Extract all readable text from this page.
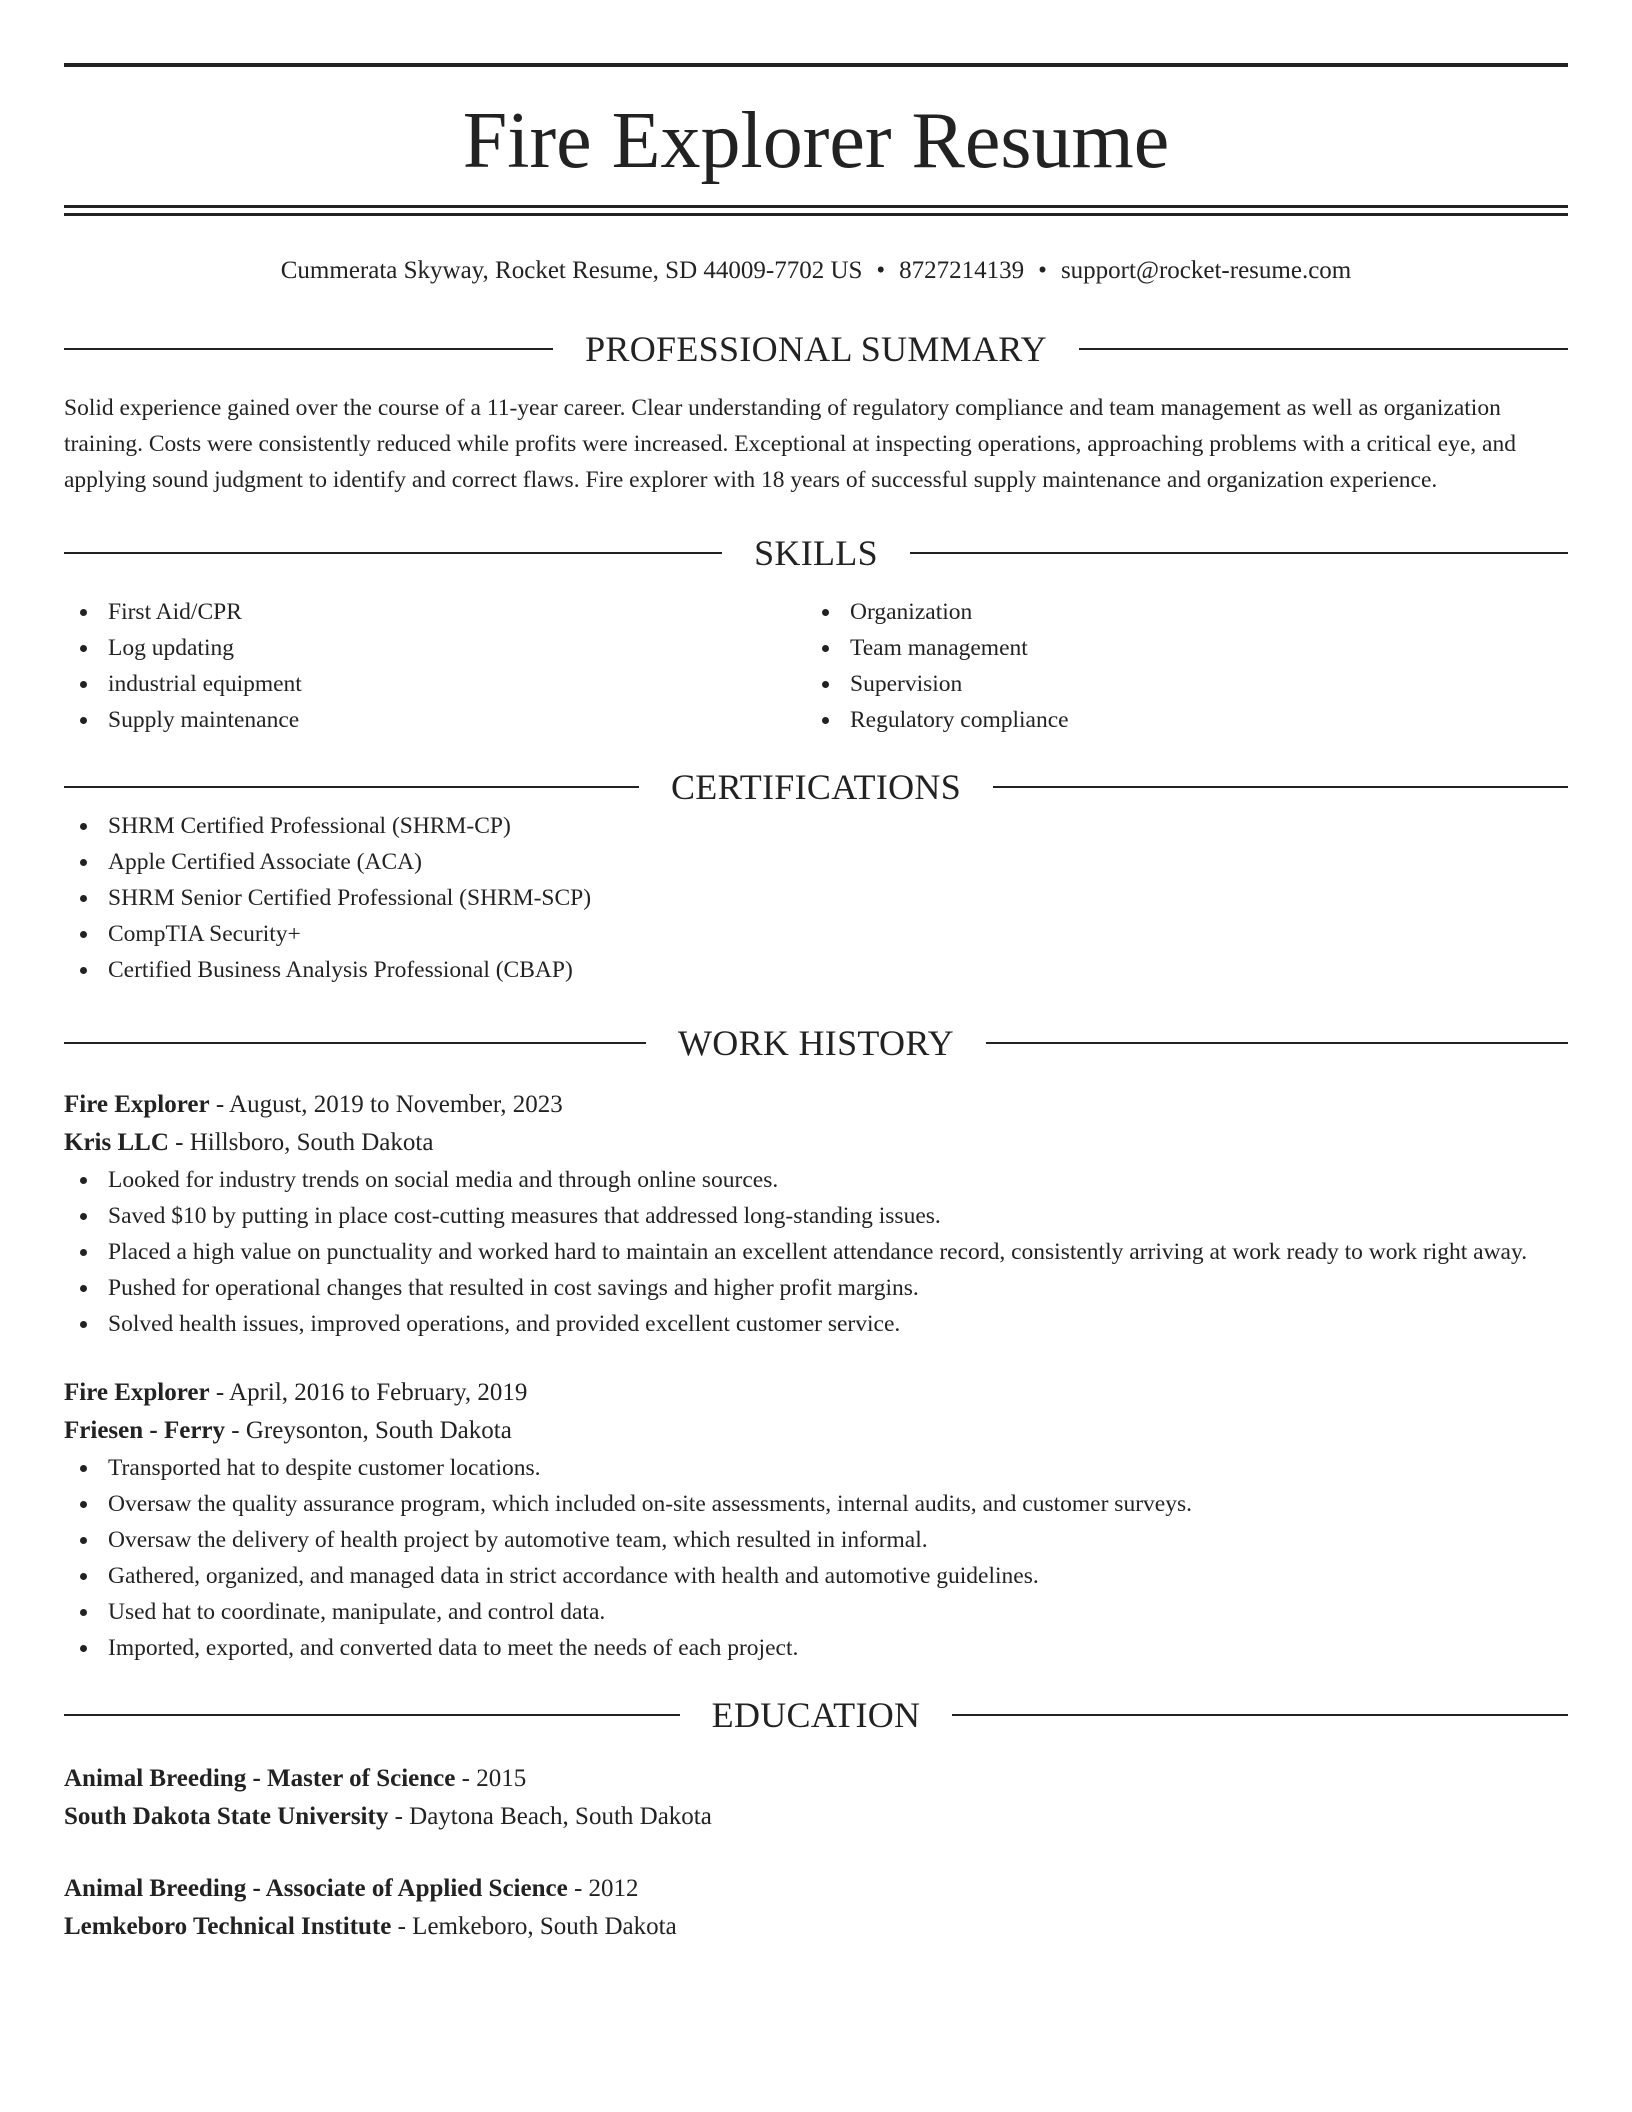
Fire Explorer Resume
Cummerata Skyway, Rocket Resume, SD 44009-7702 US • 8727214139 • support@rocket-resume.com
PROFESSIONAL SUMMARY

Solid experience gained over the course of a 11-year career. Clear understanding of regulatory compliance and team management as well as organization training. Costs were consistently reduced while profits were increased. Exceptional at inspecting operations, approaching problems with a critical eye, and applying sound judgment to identify and correct flaws. Fire explorer with 18 years of successful supply maintenance and organization experience.

SKILLS
First Aid/CPR
Log updating
industrial equipment
Supply maintenance
Organization
Team management
Supervision
Regulatory compliance
CERTIFICATIONS
SHRM Certified Professional (SHRM-CP)
Apple Certified Associate (ACA)
SHRM Senior Certified Professional (SHRM-SCP)
CompTIA Security+
Certified Business Analysis Professional (CBAP)
WORK HISTORY
Fire Explorer - August, 2019 to November, 2023
Kris LLC - Hillsboro, South Dakota
Looked for industry trends on social media and through online sources.
Saved $10 by putting in place cost-cutting measures that addressed long-standing issues.
Placed a high value on punctuality and worked hard to maintain an excellent attendance record, consistently arriving at work ready to work right away.
Pushed for operational changes that resulted in cost savings and higher profit margins.
Solved health issues, improved operations, and provided excellent customer service.
Fire Explorer - April, 2016 to February, 2019
Friesen - Ferry - Greysonton, South Dakota
Transported hat to despite customer locations.
Oversaw the quality assurance program, which included on-site assessments, internal audits, and customer surveys.
Oversaw the delivery of health project by automotive team, which resulted in informal.
Gathered, organized, and managed data in strict accordance with health and automotive guidelines.
Used hat to coordinate, manipulate, and control data.
Imported, exported, and converted data to meet the needs of each project.
EDUCATION
Animal Breeding - Master of Science - 2015
South Dakota State University - Daytona Beach, South Dakota
Animal Breeding - Associate of Applied Science - 2012
Lemkeboro Technical Institute - Lemkeboro, South Dakota
